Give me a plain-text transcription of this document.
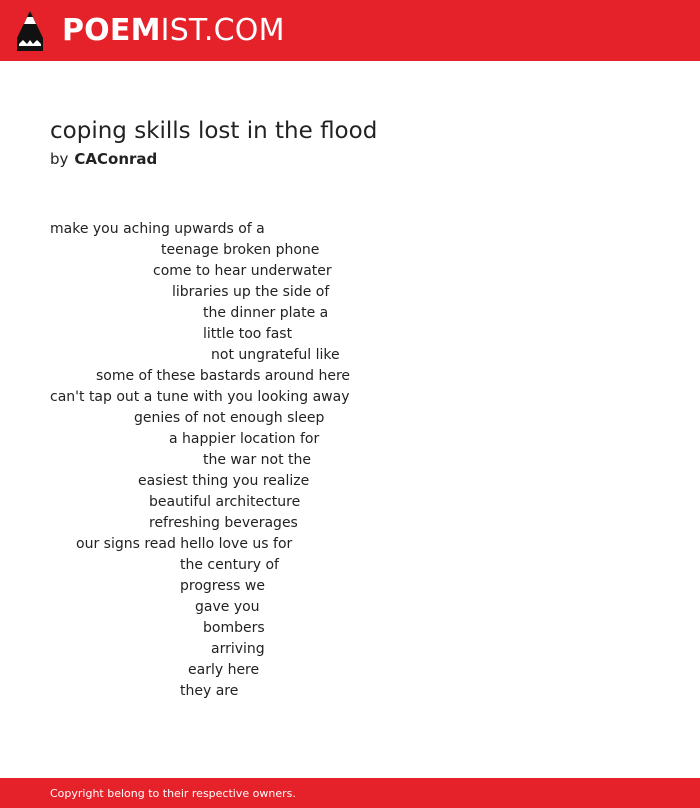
POEMIST.COM
coping skills lost in the flood
by CAConrad
make you aching upwards of a
teenage broken phone
come to hear underwater
libraries up the side of
the dinner plate a
little too fast
not ungrateful like
some of these bastards around here
can't tap out a tune with you looking away
genies of not enough sleep
a happier location for
the war not the
easiest thing you realize
beautiful architecture
refreshing beverages
our signs read hello love us for
the century of
progress we
gave you
bombers
arriving
early here
they are
Copyright belong to their respective owners.
